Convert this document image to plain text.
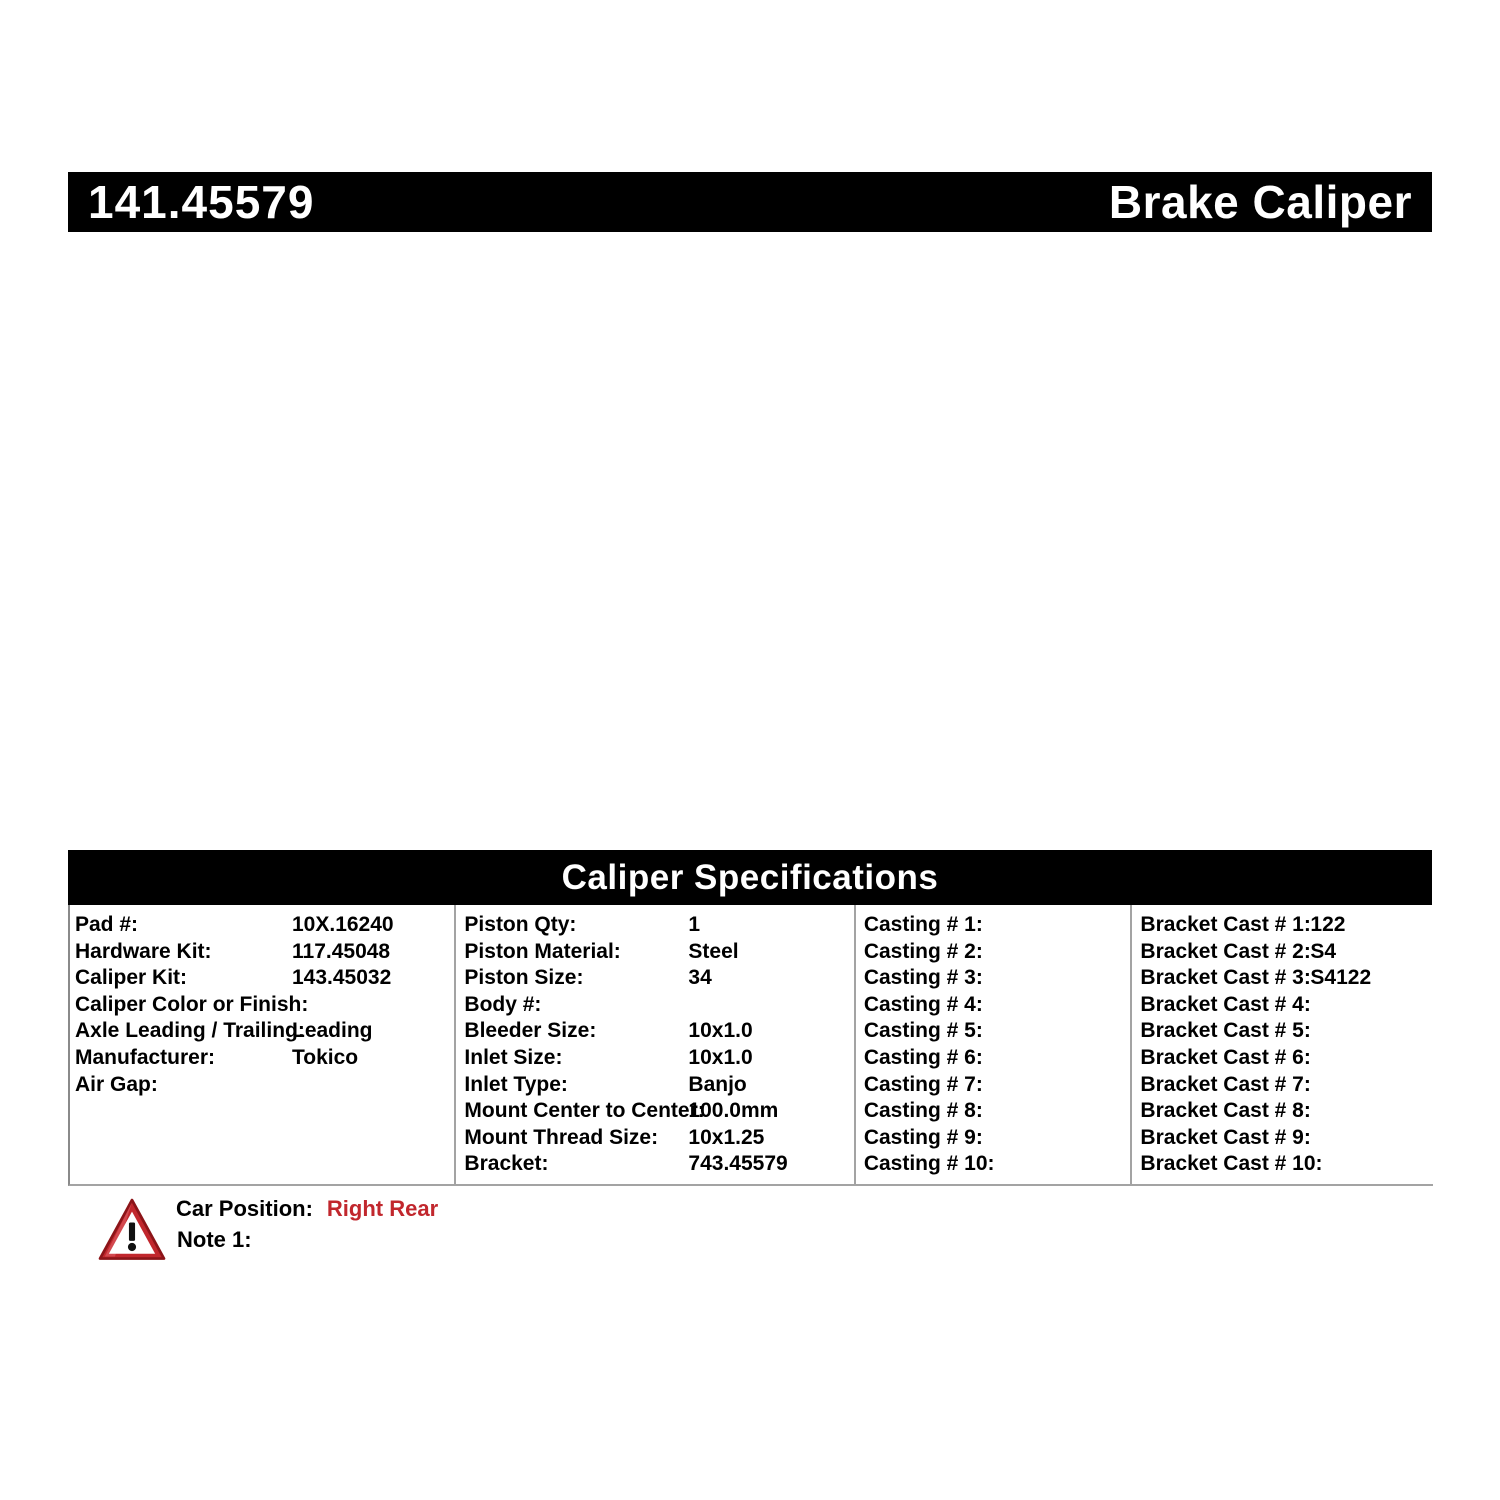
141.45579	Brake Caliper
Caliper Specifications
Pad #:	10X.16240
Hardware Kit:	117.45048
Caliper Kit:	143.45032
Caliper Color or Finish:
Axle Leading / Trailing:
Leading
Manufacturer:	Tokico
Air Gap:
Piston Qty:	1
Piston Material:	Steel
Piston Size:	34
Body #:
Bleeder Size:	10x1.0
Inlet Size:	10x1.0
Inlet Type:	Banjo
Mount Center to Center:
100.0mm
Mount Thread Size:	10x1.25
Bracket:	743.45579
Casting # 1:
Casting # 2:
Casting # 3:
Casting # 4:
Casting # 5:
Casting # 6:
Casting # 7:
Casting # 8:
Casting # 9:
Casting # 10:
Bracket Cast # 1: 122
Bracket Cast # 2: S4
Bracket Cast # 3: S4122
Bracket Cast # 4:
Bracket Cast # 5:
Bracket Cast # 6:
Bracket Cast # 7:
Bracket Cast # 8:
Bracket Cast # 9:
Bracket Cast # 10:
Car Position: Right Rear
Note 1:
